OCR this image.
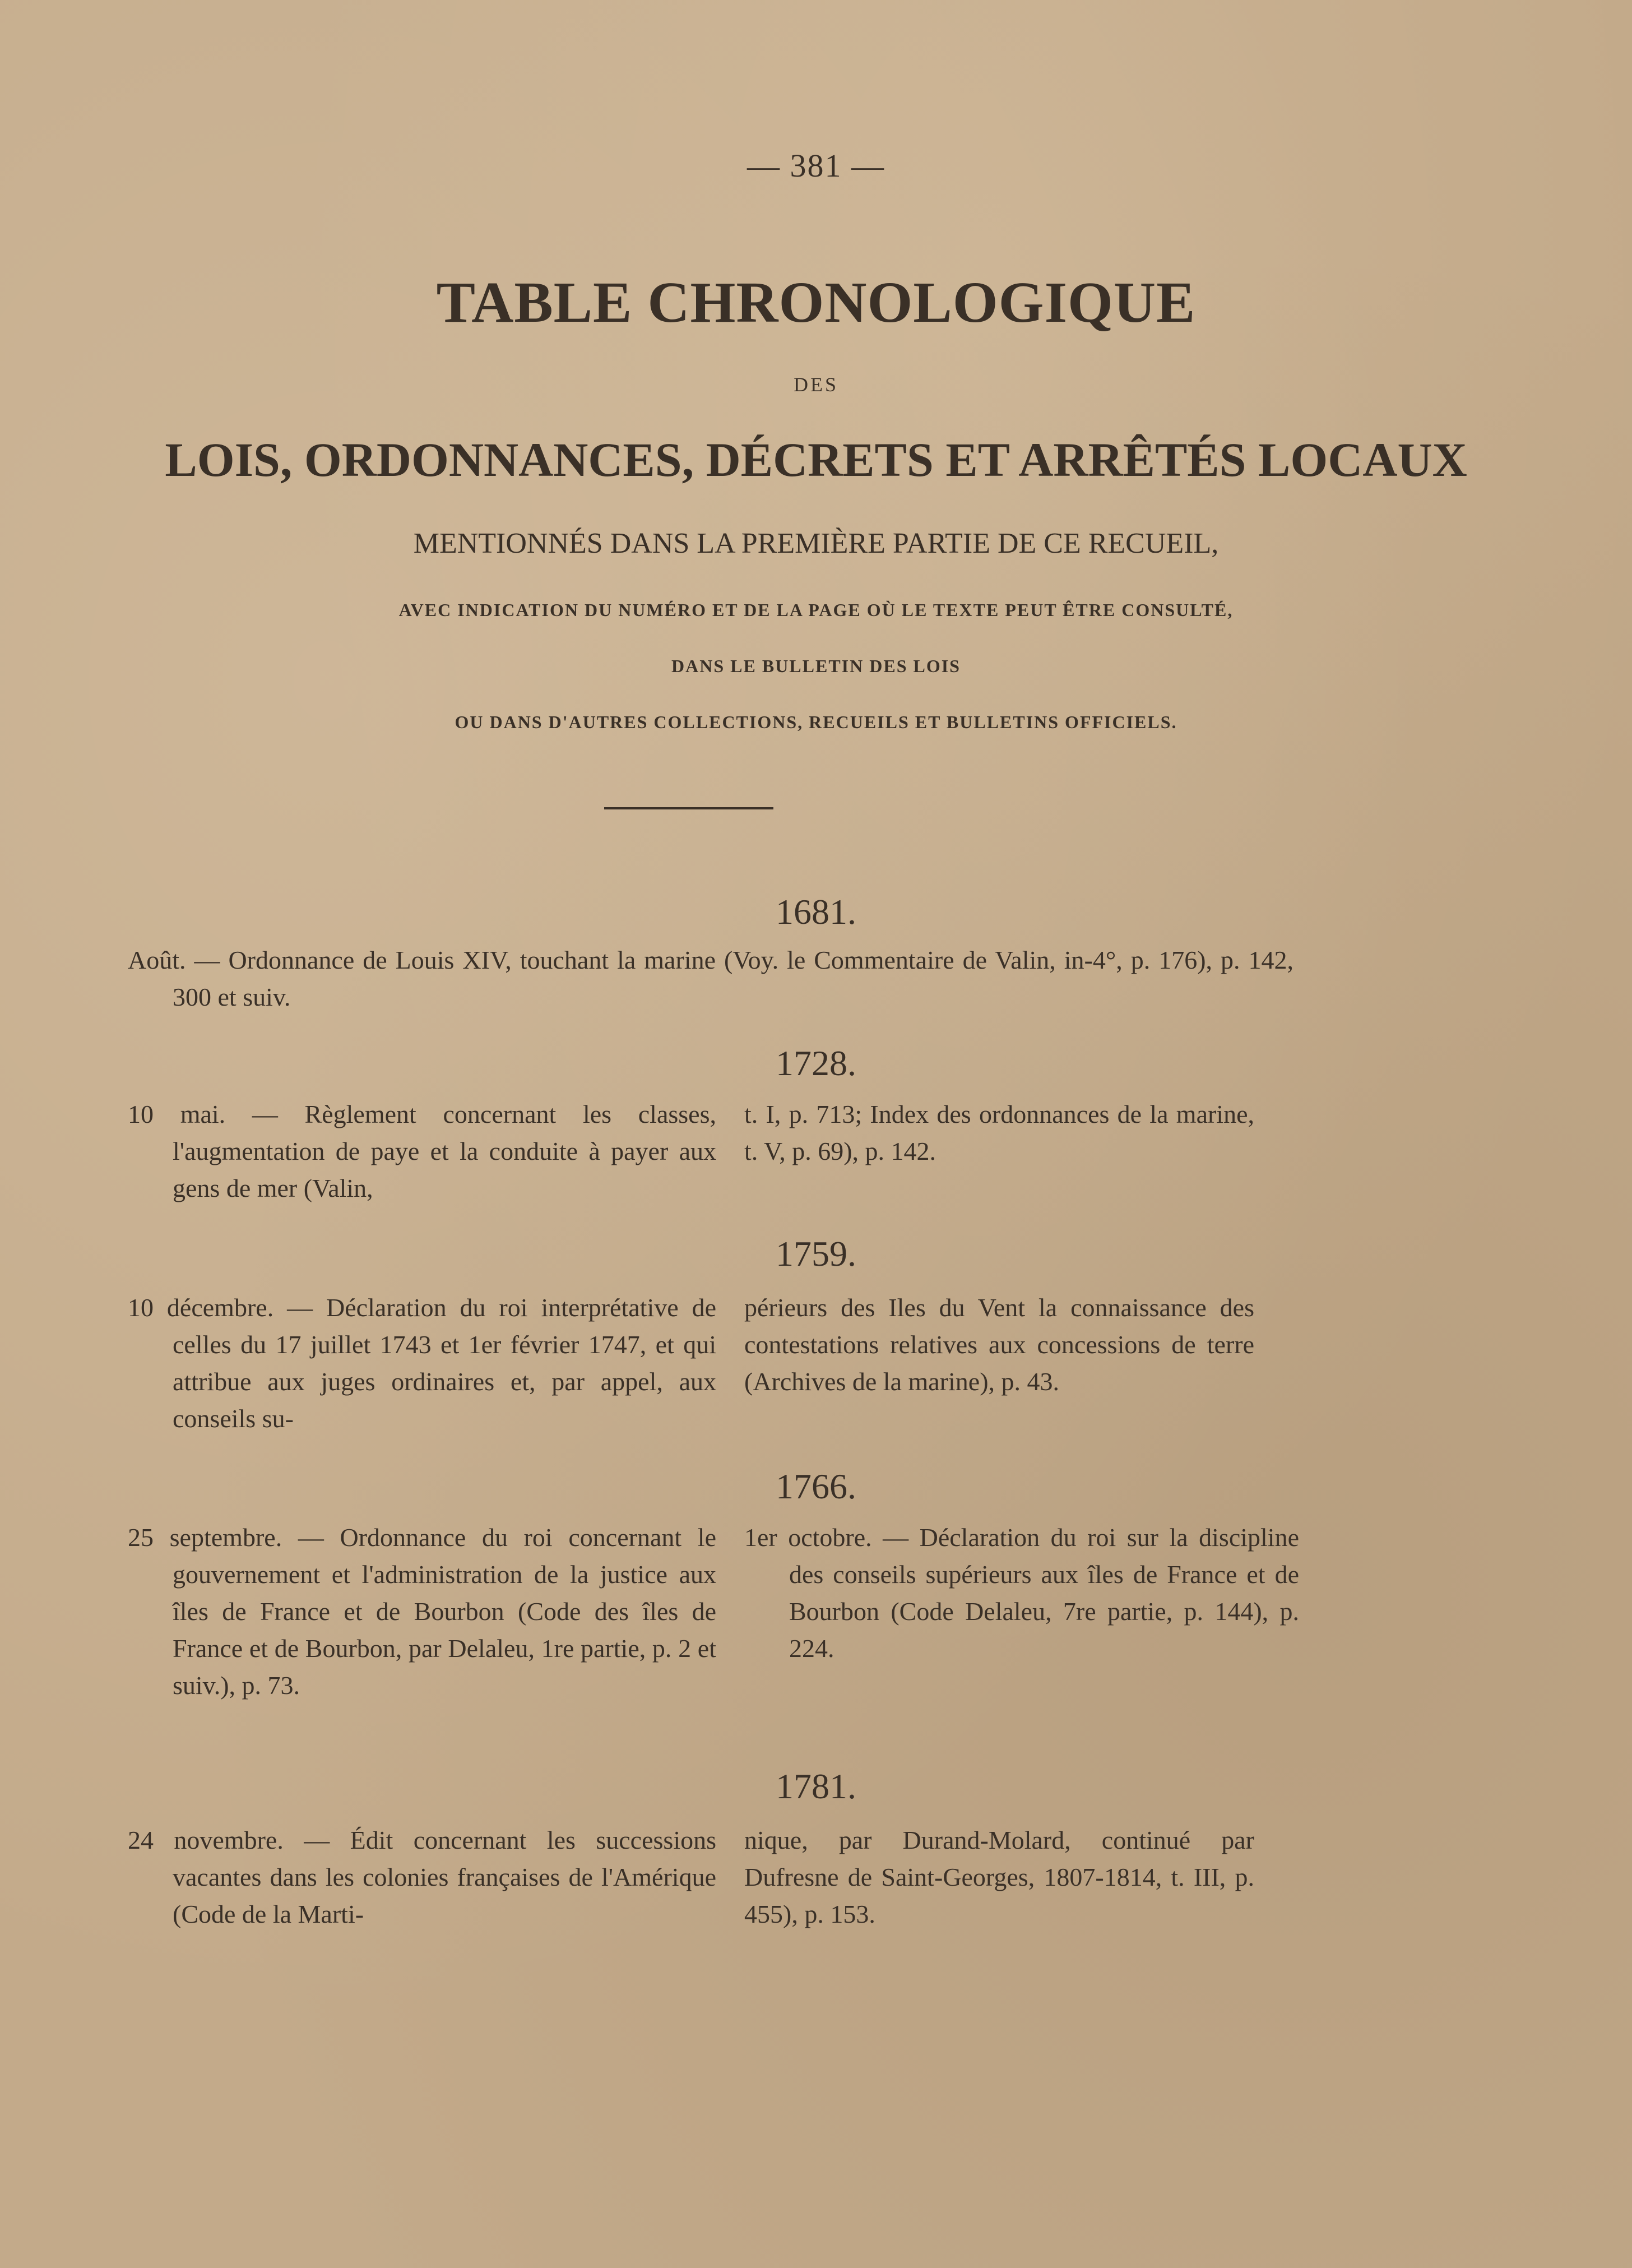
— 381 —
TABLE CHRONOLOGIQUE
DES
LOIS, ORDONNANCES, DÉCRETS ET ARRÊTÉS LOCAUX
MENTIONNÉS DANS LA PREMIÈRE PARTIE DE CE RECUEIL,
AVEC INDICATION DU NUMÉRO ET DE LA PAGE OÙ LE TEXTE PEUT ÊTRE CONSULTÉ,
DANS LE BULLETIN DES LOIS
OU DANS D'AUTRES COLLECTIONS, RECUEILS ET BULLETINS OFFICIELS.
1681.
Août. — Ordonnance de Louis XIV, touchant la marine (Voy. le Commentaire de Valin, in-4°, p. 176), p. 142, 300 et suiv.
1728.
10 mai. — Règlement concernant les classes, l'augmentation de paye et la conduite à payer aux gens de mer (Valin,
t. I, p. 713; Index des ordonnances de la marine, t. V, p. 69), p. 142.
1759.
10 décembre. — Déclaration du roi interprétative de celles du 17 juillet 1743 et 1er février 1747, et qui attribue aux juges ordinaires et, par appel, aux conseils su-
périeurs des Iles du Vent la connaissance des contestations relatives aux concessions de terre (Archives de la marine), p. 43.
1766.
25 septembre. — Ordonnance du roi concernant le gouvernement et l'administration de la justice aux îles de France et de Bourbon (Code des îles de France et de Bourbon, par Delaleu, 1re partie, p. 2 et suiv.), p. 73.
1er octobre. — Déclaration du roi sur la discipline des conseils supérieurs aux îles de France et de Bourbon (Code Delaleu, 7re partie, p. 144), p. 224.
1781.
24 novembre. — Édit concernant les successions vacantes dans les colonies françaises de l'Amérique (Code de la Marti-
nique, par Durand-Molard, continué par Dufresne de Saint-Georges, 1807-1814, t. III, p. 455), p. 153.
